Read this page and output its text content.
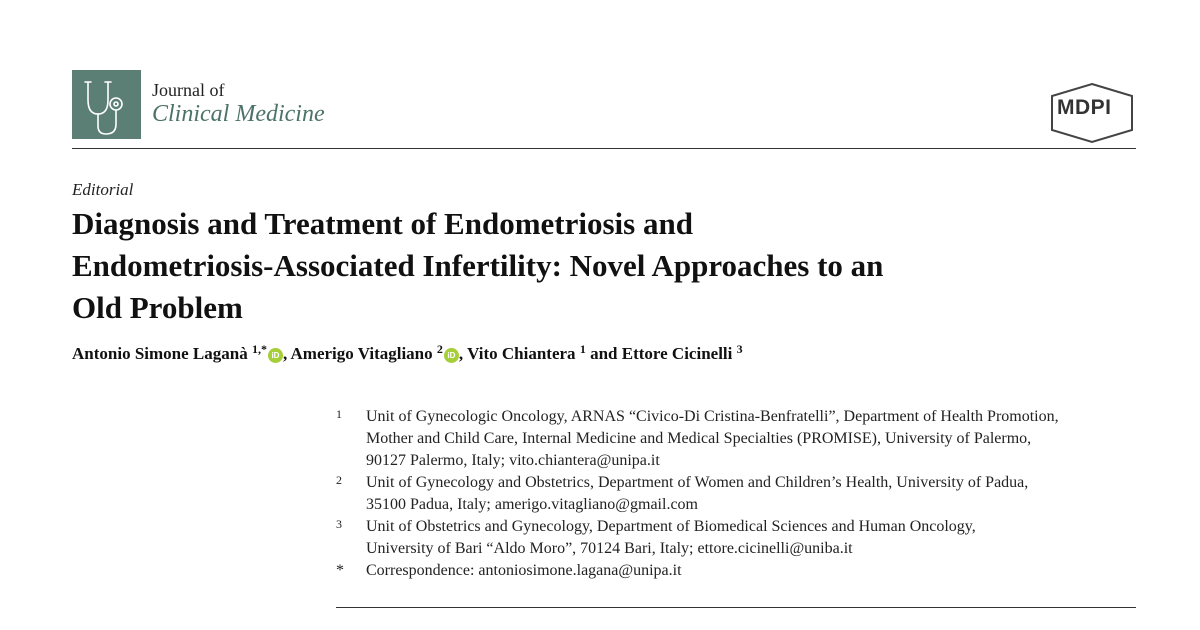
Journal of
Clinical Medicine	MDPI
Editorial
Diagnosis and Treatment of Endometriosis and
Endometriosis-Associated Infertility: Novel Approaches to an
Old Problem
Antonio Simone Laganà $^{1,*}$ iD , Amerigo Vitagliano $^2$ iD , Vito Chiantera $^1$ and Ettore Cicinelli $^3$
1 Unit of Gynecologic Oncology, ARNAS “Civico-Di Cristina-Benfratelli”, Department of Health Promotion,
Mother and Child Care, Internal Medicine and Medical Specialties (PROMISE), University of Palermo,
90127 Palermo, Italy; vito.chiantera@unipa.it
2 Unit of Gynecology and Obstetrics, Department of Women and Children’s Health, University of Padua,
35100 Padua, Italy; amerigo.vitagliano@gmail.com
3 Unit of Obstetrics and Gynecology, Department of Biomedical Sciences and Human Oncology,
University of Bari “Aldo Moro”, 70124 Bari, Italy; ettore.cicinelli@uniba.it
* Correspondence: antoniosimone.lagana@unipa.it
